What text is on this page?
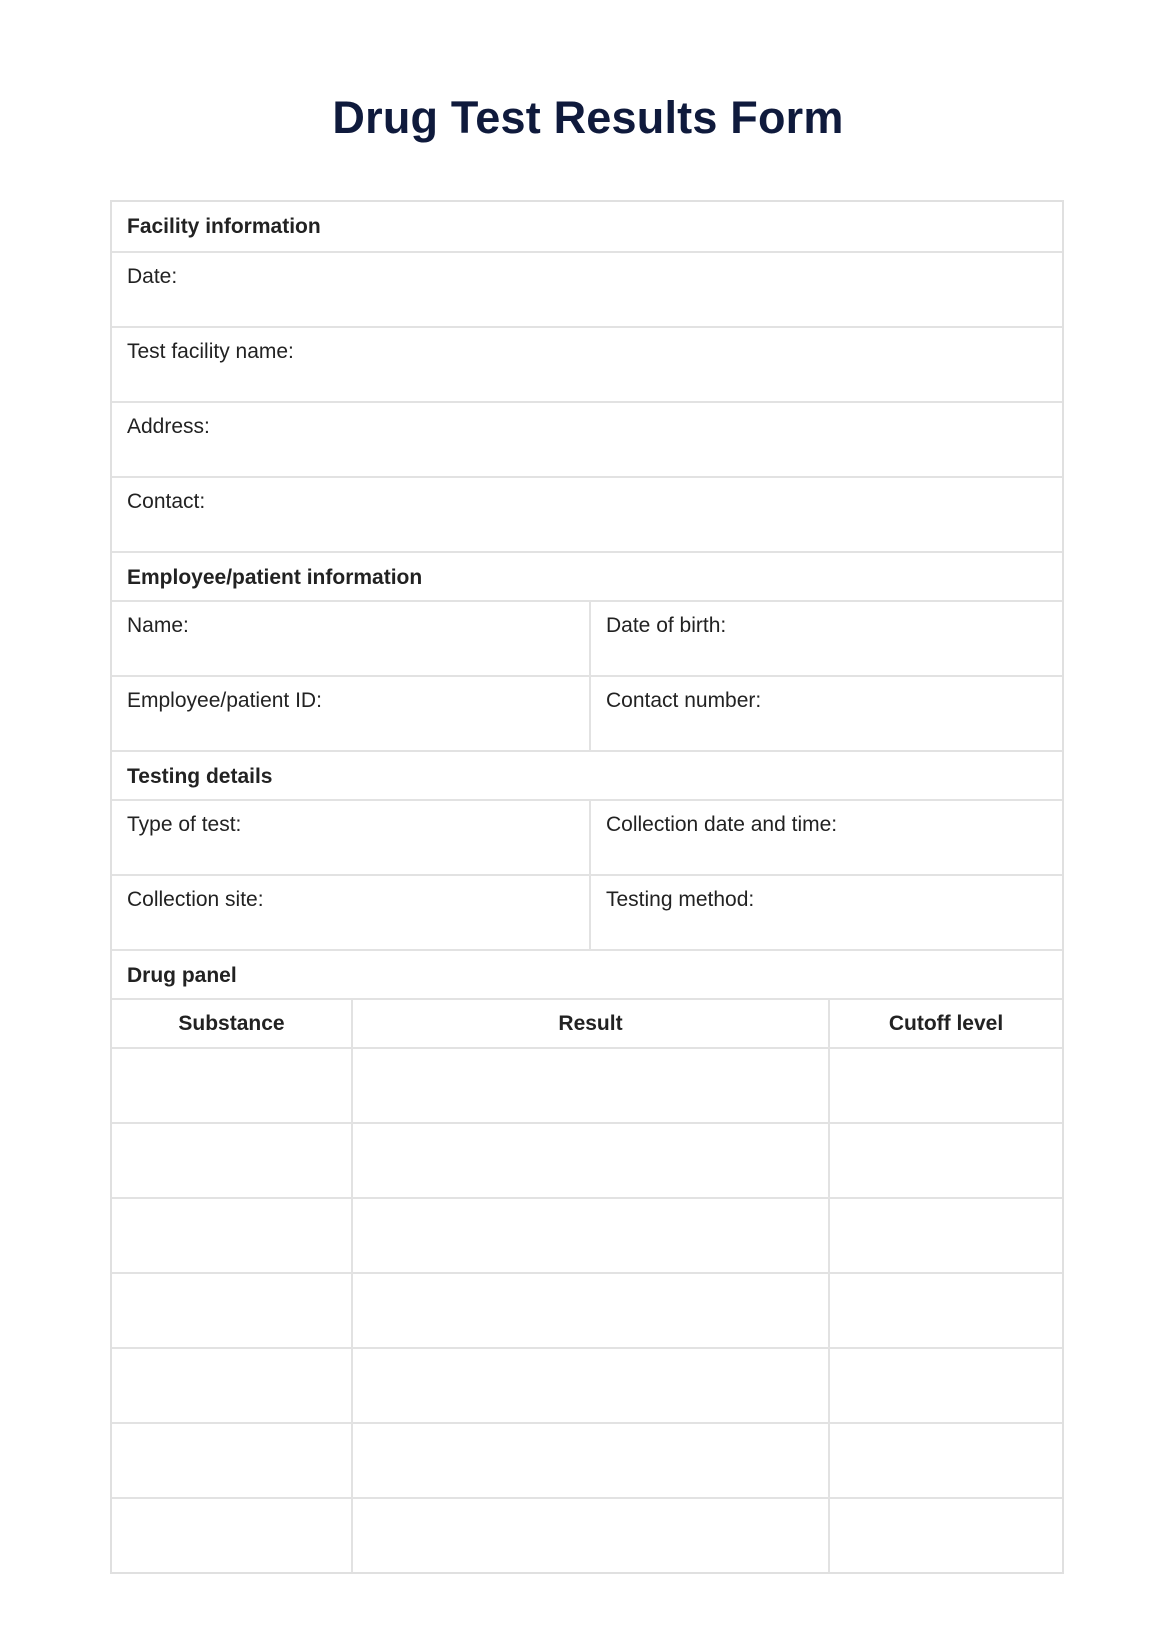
Drug Test Results Form
Facility information
Date:
Test facility name:
Address:
Contact:
Employee/patient information
Name:	Date of birth:
Employee/patient ID:	Contact number:
Testing details
Type of test:	Collection date and time:
Collection site:	Testing method:
Drug panel
Substance	Result	Cutoff level
